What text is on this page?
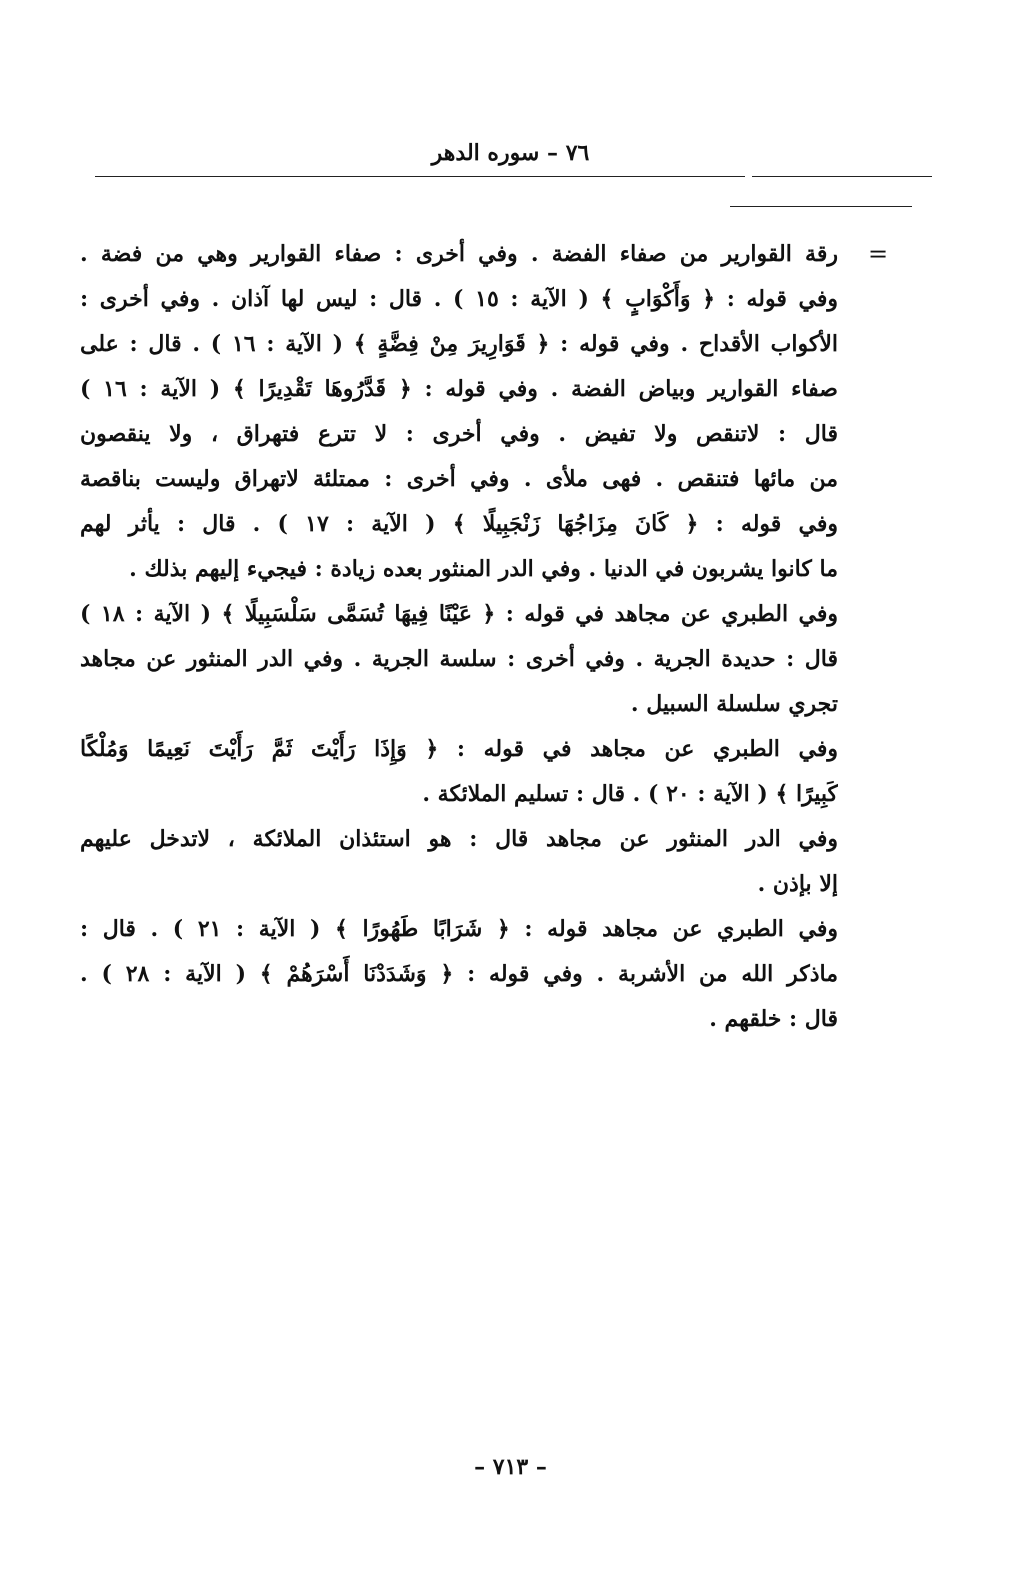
٧٦ – سوره الدهر
=
رقة القوارير من صفاء الفضة . وفي أخرى : صفاء القوارير وهي من فضة .
وفي قوله : ﴿ وَأَكْوَابٍ ﴾ ( الآية : ١٥ ) . قال : ليس لها آذان . وفي أخرى :
الأكواب الأقداح . وفي قوله : ﴿ قَوَارِيرَ مِنْ فِضَّةٍ ﴾ ( الآية : ١٦ ) . قال : على
صفاء القوارير وبياض الفضة . وفي قوله : ﴿ قَدَّرُوهَا تَقْدِيرًا ﴾ ( الآية : ١٦ )
قال : لاتنقص ولا تفيض . وفي أخرى : لا تترع فتهراق ، ولا ينقصون
من مائها فتنقص . فهى ملأى . وفي أخرى : ممتلئة لاتهراق وليست بناقصة
وفي قوله : ﴿ كَانَ مِزَاجُهَا زَنْجَبِيلًا ﴾ ( الآية : ١٧ ) . قال : يأثر لهم
ما كانوا يشربون في الدنيا . وفي الدر المنثور بعده زيادة : فيجيء إليهم بذلك .
وفي الطبري عن مجاهد في قوله : ﴿ عَيْنًا فِيهَا تُسَمَّى سَلْسَبِيلًا ﴾ ( الآية : ١٨ )
قال : حديدة الجرية . وفي أخرى : سلسة الجرية . وفي الدر المنثور عن مجاهد
تجري سلسلة السبيل .
وفي الطبري عن مجاهد في قوله : ﴿ وَإِذَا رَأَيْتَ ثَمَّ رَأَيْتَ نَعِيمًا وَمُلْكًا
كَبِيرًا ﴾ ( الآية : ٢٠ ) . قال : تسليم الملائكة .
وفي الدر المنثور عن مجاهد قال : هو استئذان الملائكة ، لاتدخل عليهم
إلا بإذن .
وفي الطبري عن مجاهد قوله : ﴿ شَرَابًا طَهُورًا ﴾ ( الآية : ٢١ ) . قال :
ماذكر الله من الأشربة . وفي قوله : ﴿ وَشَدَدْنَا أَسْرَهُمْ ﴾ ( الآية : ٢٨ ) .
قال : خلقهم .
– ٧١٣ –
